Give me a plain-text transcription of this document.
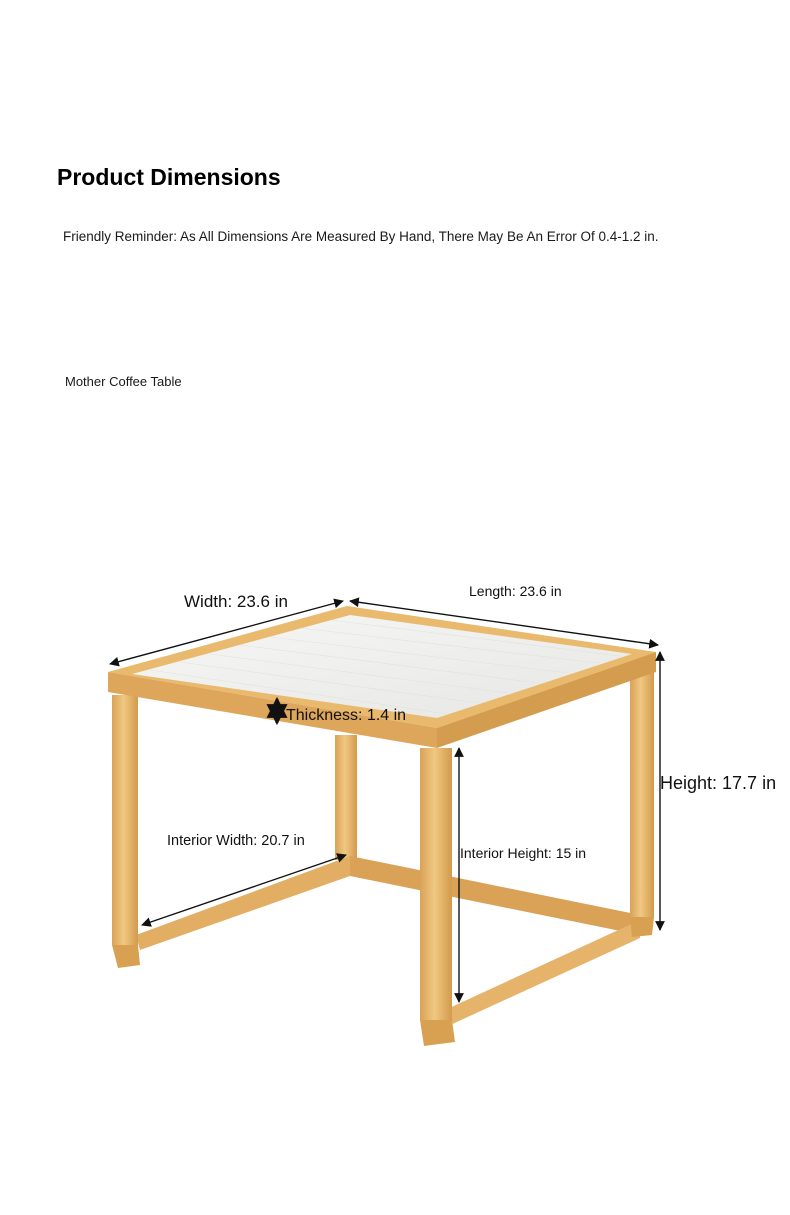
Product Dimensions
Friendly Reminder: As All Dimensions Are Measured By Hand, There May Be An Error Of 0.4-1.2 in.
Mother Coffee Table
Width: 23.6 in
Length: 23.6 in
Thickness: 1.4 in
Height: 17.7 in
Interior Width: 20.7 in
Interior Height: 15 in
